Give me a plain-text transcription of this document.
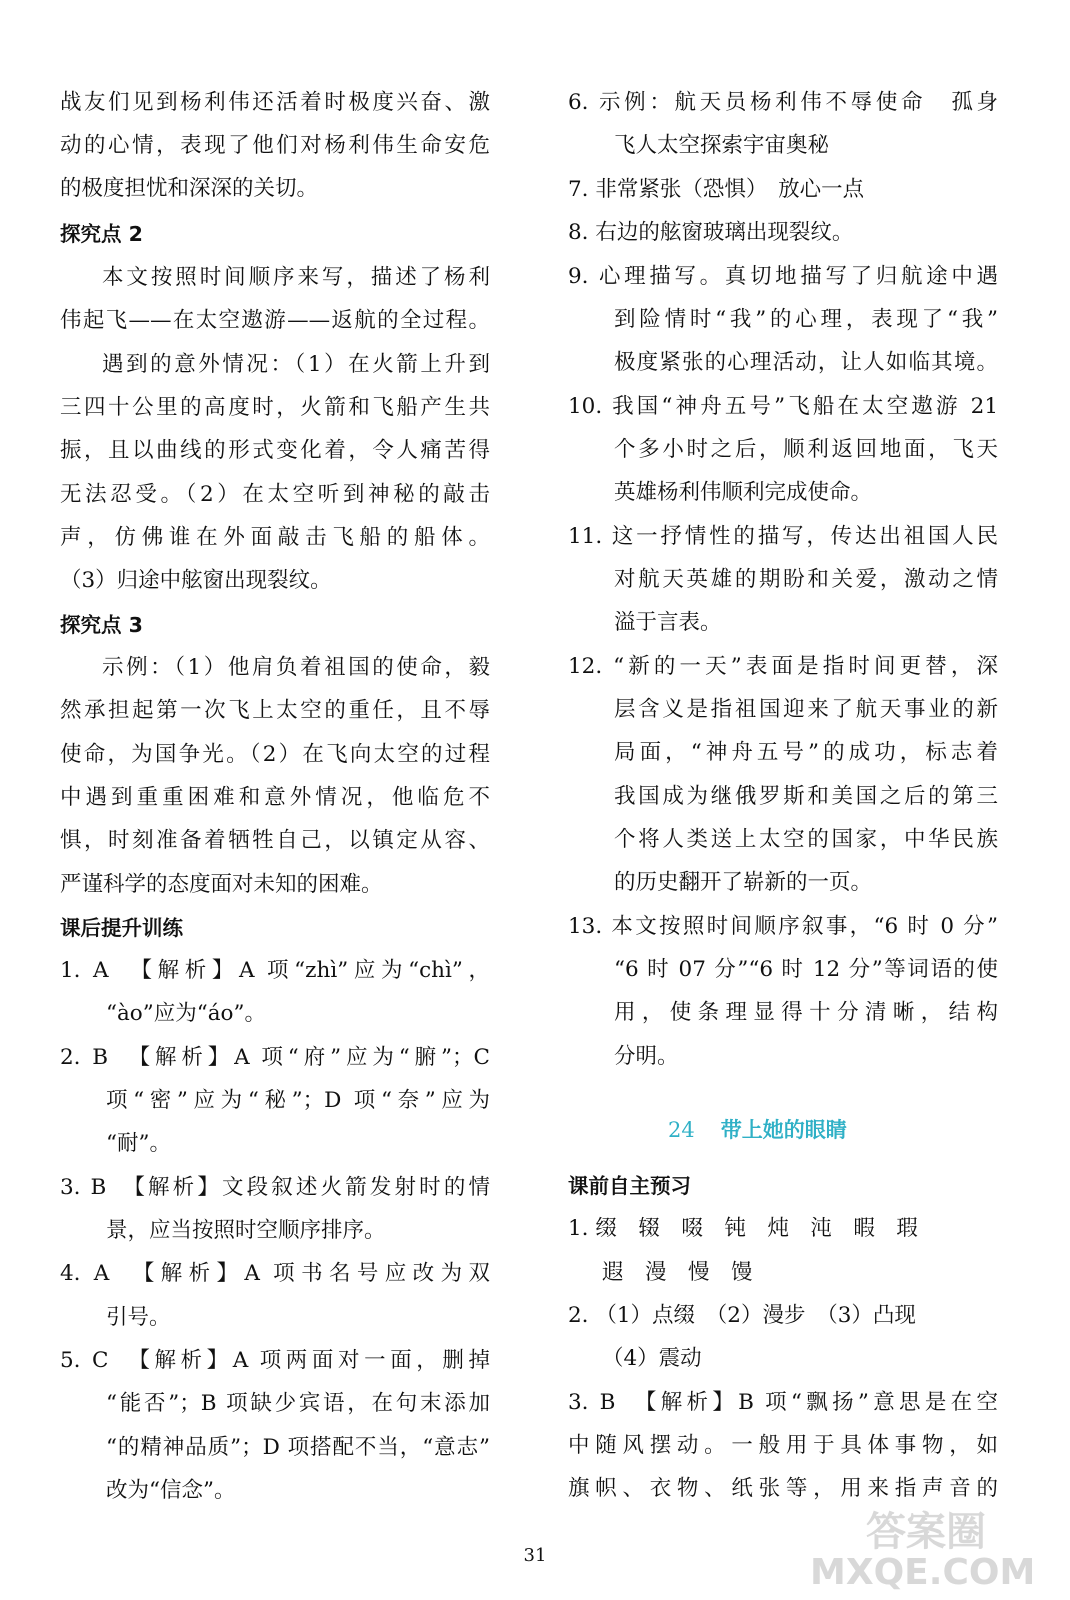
战友们见到杨利伟还活着时极度兴奋、激
动的心情，表现了他们对杨利伟生命安危
的极度担忧和深深的关切。
探究点 2
本文按照时间顺序来写，描述了杨利
伟起飞——在太空遨游——返航的全过程。
遇到的意外情况：（1）在火箭上升到
三四十公里的高度时，火箭和飞船产生共
振，且以曲线的形式变化着，令人痛苦得
无法忍受。（2）在太空听到神秘的敲击
声，仿佛谁在外面敲击飞船的船体。
（3）归途中舷窗出现裂纹。
探究点 3
示例：（1）他肩负着祖国的使命，毅
然承担起第一次飞上太空的重任，且不辱
使命，为国争光。（2）在飞向太空的过程
中遇到重重困难和意外情况，他临危不
惧，时刻准备着牺牲自己，以镇定从容、
严谨科学的态度面对未知的困难。
课后提升训练
1. A　【解析】A 项“zhì”应为“chì”，
“ào”应为“áo”。
2. B　【解析】A 项“府”应为“腑”；C
项“密”应为“秘”；D 项“奈”应为
“耐”。
3. B　【解析】文段叙述火箭发射时的情
景，应当按照时空顺序排序。
4. A　【解析】A 项书名号应改为双
引号。
5. C　【解析】A 项两面对一面，删掉
“能否”；B 项缺少宾语，在句末添加
“的精神品质”；D 项搭配不当，“意志”
改为“信念”。
6. 示例：航天员杨利伟不辱使命　孤身
飞人太空探索宇宙奥秘
7. 非常紧张（恐惧）　放心一点
8. 右边的舷窗玻璃出现裂纹。
9. 心理描写。真切地描写了归航途中遇
到险情时“我”的心理，表现了“我”
极度紧张的心理活动，让人如临其境。
10. 我国“神舟五号”飞船在太空遨游 21
个多小时之后，顺利返回地面，飞天
英雄杨利伟顺利完成使命。
11. 这一抒情性的描写，传达出祖国人民
对航天英雄的期盼和关爱，激动之情
溢于言表。
12. “新的一天”表面是指时间更替，深
层含义是指祖国迎来了航天事业的新
局面，“神舟五号”的成功，标志着
我国成为继俄罗斯和美国之后的第三
个将人类送上太空的国家，中华民族
的历史翻开了崭新的一页。
13. 本文按照时间顺序叙事，“6 时 0 分”
“6 时 07 分”“6 时 12 分”等词语的使
用，使条理显得十分清晰，结构
分明。
课前自主预习
1. 缀　辍　啜　钝　炖　沌　暇　瑕
遐　漫　慢　馒
2. （1）点缀　（2）漫步　（3）凸现
（4）震动
3. B　【解析】B 项“飘扬”意思是在空
中随风摆动。一般用于具体事物，如
旗帜、衣物、纸张等，用来指声音的
24 带上她的眼睛
31
答案圈
MXQE.COM
